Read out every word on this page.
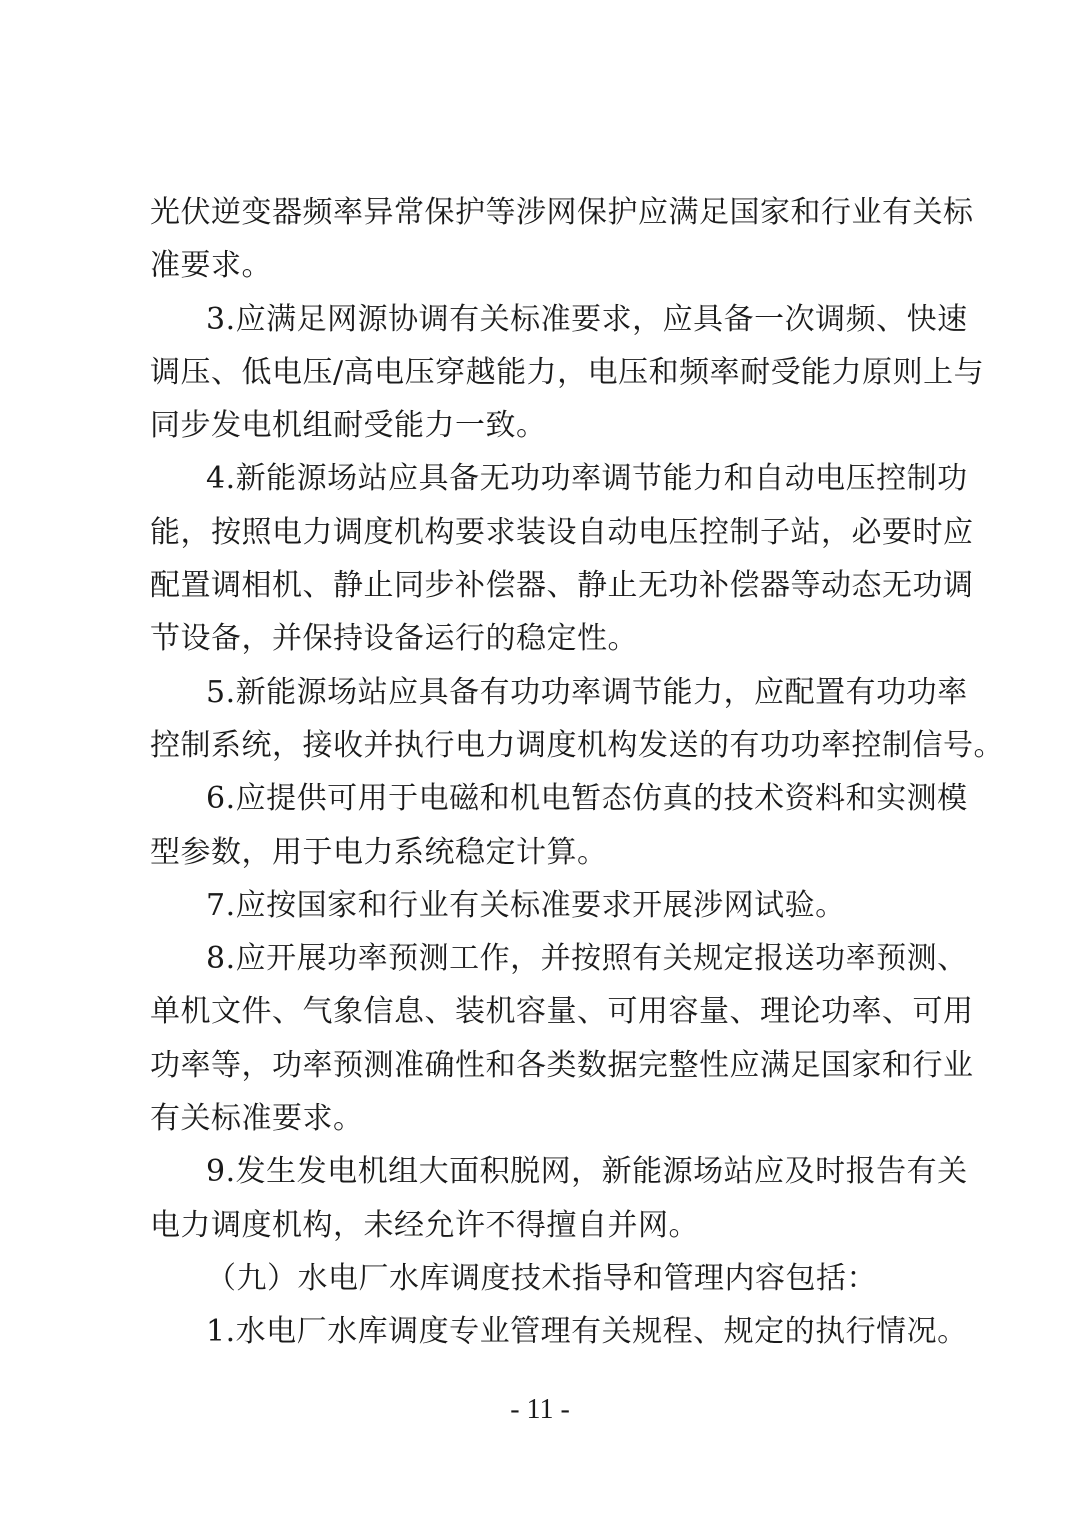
光伏逆变器频率异常保护等涉网保护应满足国家和行业有关标
准要求。
3.应满足网源协调有关标准要求，应具备一次调频、快速
调压、低电压/高电压穿越能力，电压和频率耐受能力原则上与
同步发电机组耐受能力一致。
4.新能源场站应具备无功功率调节能力和自动电压控制功
能，按照电力调度机构要求装设自动电压控制子站，必要时应
配置调相机、静止同步补偿器、静止无功补偿器等动态无功调
节设备，并保持设备运行的稳定性。
5.新能源场站应具备有功功率调节能力，应配置有功功率
控制系统，接收并执行电力调度机构发送的有功功率控制信号。
6.应提供可用于电磁和机电暂态仿真的技术资料和实测模
型参数，用于电力系统稳定计算。
7.应按国家和行业有关标准要求开展涉网试验。
8.应开展功率预测工作，并按照有关规定报送功率预测、
单机文件、气象信息、装机容量、可用容量、理论功率、可用
功率等，功率预测准确性和各类数据完整性应满足国家和行业
有关标准要求。
9.发生发电机组大面积脱网，新能源场站应及时报告有关
电力调度机构，未经允许不得擅自并网。
（九）水电厂水库调度技术指导和管理内容包括：
1.水电厂水库调度专业管理有关规程、规定的执行情况。
- 11 -
